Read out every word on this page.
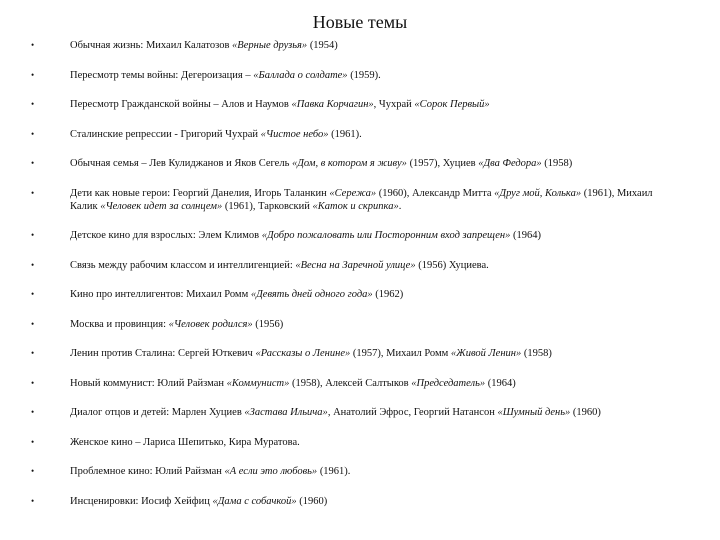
Новые темы
•	Обычная жизнь: Михаил Калатозов «Верные друзья» (1954)
•	Пересмотр темы войны: Дегероизация – «Баллада о солдате» (1959).
•	Пересмотр Гражданской войны – Алов и Наумов «Павка Корчагин», Чухрай «Сорок Первый»
•	Сталинские репрессии - Григорий Чухрай «Чистое небо» (1961).
•	Обычная семья – Лев Кулиджанов и Яков Сегель «Дом, в котором я живу» (1957), Хуциев «Два Федора» (1958)
•	Дети как новые герои: Георгий Данелия, Игорь Таланкин «Сережа» (1960), Александр Митта «Друг мой, Колька» (1961), Михаил Калик «Человек идет за солнцем» (1961), Тарковский «Каток и скрипка».
•	Детское кино для взрослых: Элем Климов «Добро пожаловать или Посторонним вход запрещен» (1964)
•	Связь между рабочим классом и интеллигенцией: «Весна на Заречной улице» (1956) Хуциева.
•	Кино про интеллигентов: Михаил Ромм «Девять дней одного года» (1962)
•	Москва и провинция: «Человек родился» (1956)
•	Ленин против Сталина: Сергей Юткевич «Рассказы о Ленине» (1957), Михаил Ромм «Живой Ленин» (1958)
•	Новый коммунист: Юлий Райзман «Коммунист» (1958), Алексей Салтыков «Председатель» (1964)
•	Диалог отцов и детей: Марлен Хуциев «Застава Ильича», Анатолий Эфрос, Георгий Натансон «Шумный день» (1960)
•	Женское кино – Лариса Шепитько, Кира Муратова.
•	Проблемное кино: Юлий Райзман «А если это любовь» (1961).
•	Инсценировки: Иосиф Хейфиц «Дама с собачкой» (1960)
